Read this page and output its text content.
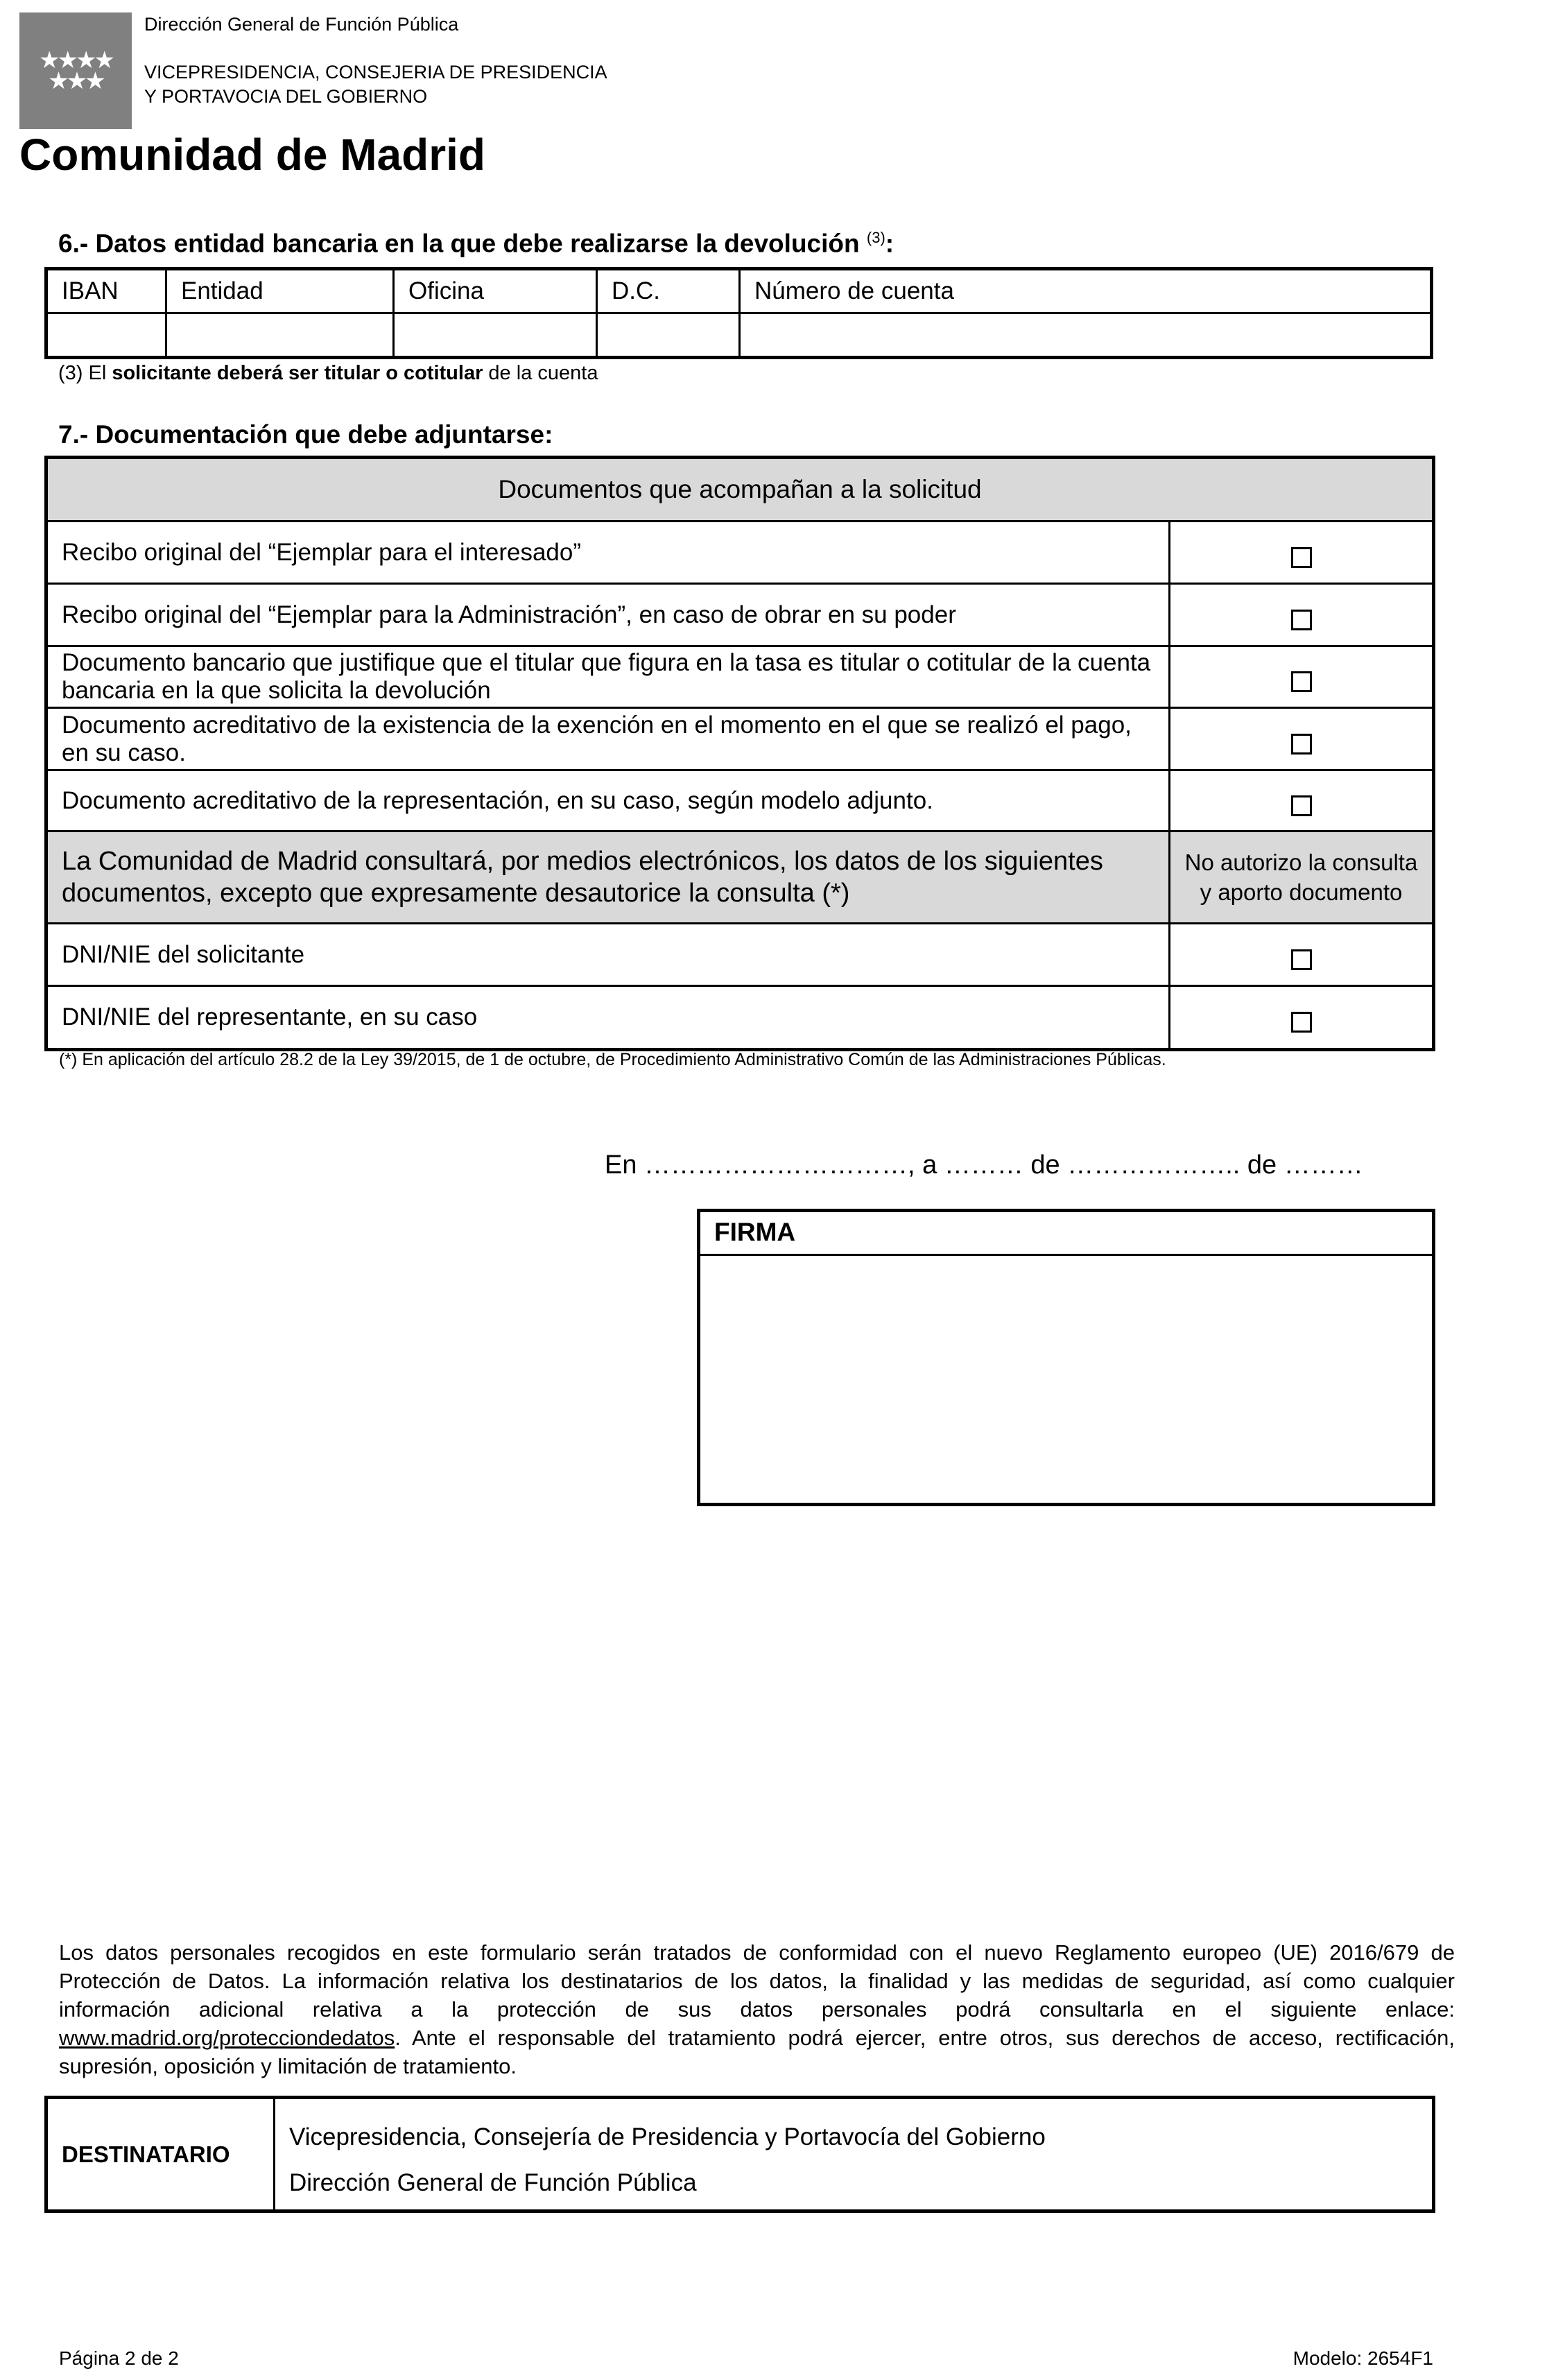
★★★★
★★★
Dirección General de Función Pública
VICEPRESIDENCIA, CONSEJERIA DE PRESIDENCIA
Y PORTAVOCIA DEL GOBIERNO
Comunidad de Madrid
6.- Datos entidad bancaria en la que debe realizarse la devolución $^{(3)}$:
IBAN	Entidad	Oficina	D.C.	Número de cuenta

(3) El solicitante deberá ser titular o cotitular de la cuenta
7.- Documentación que debe adjuntarse:
Documentos que acompañan a la solicitud	
Recibo original del “Ejemplar para el interesado”	
Recibo original del “Ejemplar para la Administración”, en caso de obrar en su poder	
Documento bancario que justifique que el titular que figura en la tasa es titular o cotitular de la cuenta bancaria en la que solicita la devolución	
Documento acreditativo de la existencia de la exención en el momento en el que se realizó el pago, en su caso.	
Documento acreditativo de la representación, en su caso, según modelo adjunto.	
La Comunidad de Madrid consultará, por medios electrónicos, los datos de los siguientes documentos, excepto que expresamente desautorice la consulta (*)	No autorizo la consulta y aporto documento
DNI/NIE del solicitante	
DNI/NIE del representante, en su caso	
(*) En aplicación del artículo 28.2 de la Ley 39/2015, de 1 de octubre, de Procedimiento Administrativo Común de las Administraciones Públicas.
En …………………………, a ……… de ……………….. de ………
FIRMA
Los datos personales recogidos en este formulario serán tratados de conformidad con el nuevo Reglamento europeo (UE) 2016/679 de Protección de Datos. La información relativa los destinatarios de los datos, la finalidad y las medidas de seguridad, así como cualquier información adicional relativa a la protección de sus datos personales podrá consultarla en el siguiente enlace: www.madrid.org/protecciondedatos. Ante el responsable del tratamiento podrá ejercer, entre otros, sus derechos de acceso, rectificación, supresión, oposición y limitación de tratamiento.
DESTINATARIO
Vicepresidencia, Consejería de Presidencia y Portavocía del Gobierno
Dirección General de Función Pública
Página 2 de 2	Modelo: 2654F1
